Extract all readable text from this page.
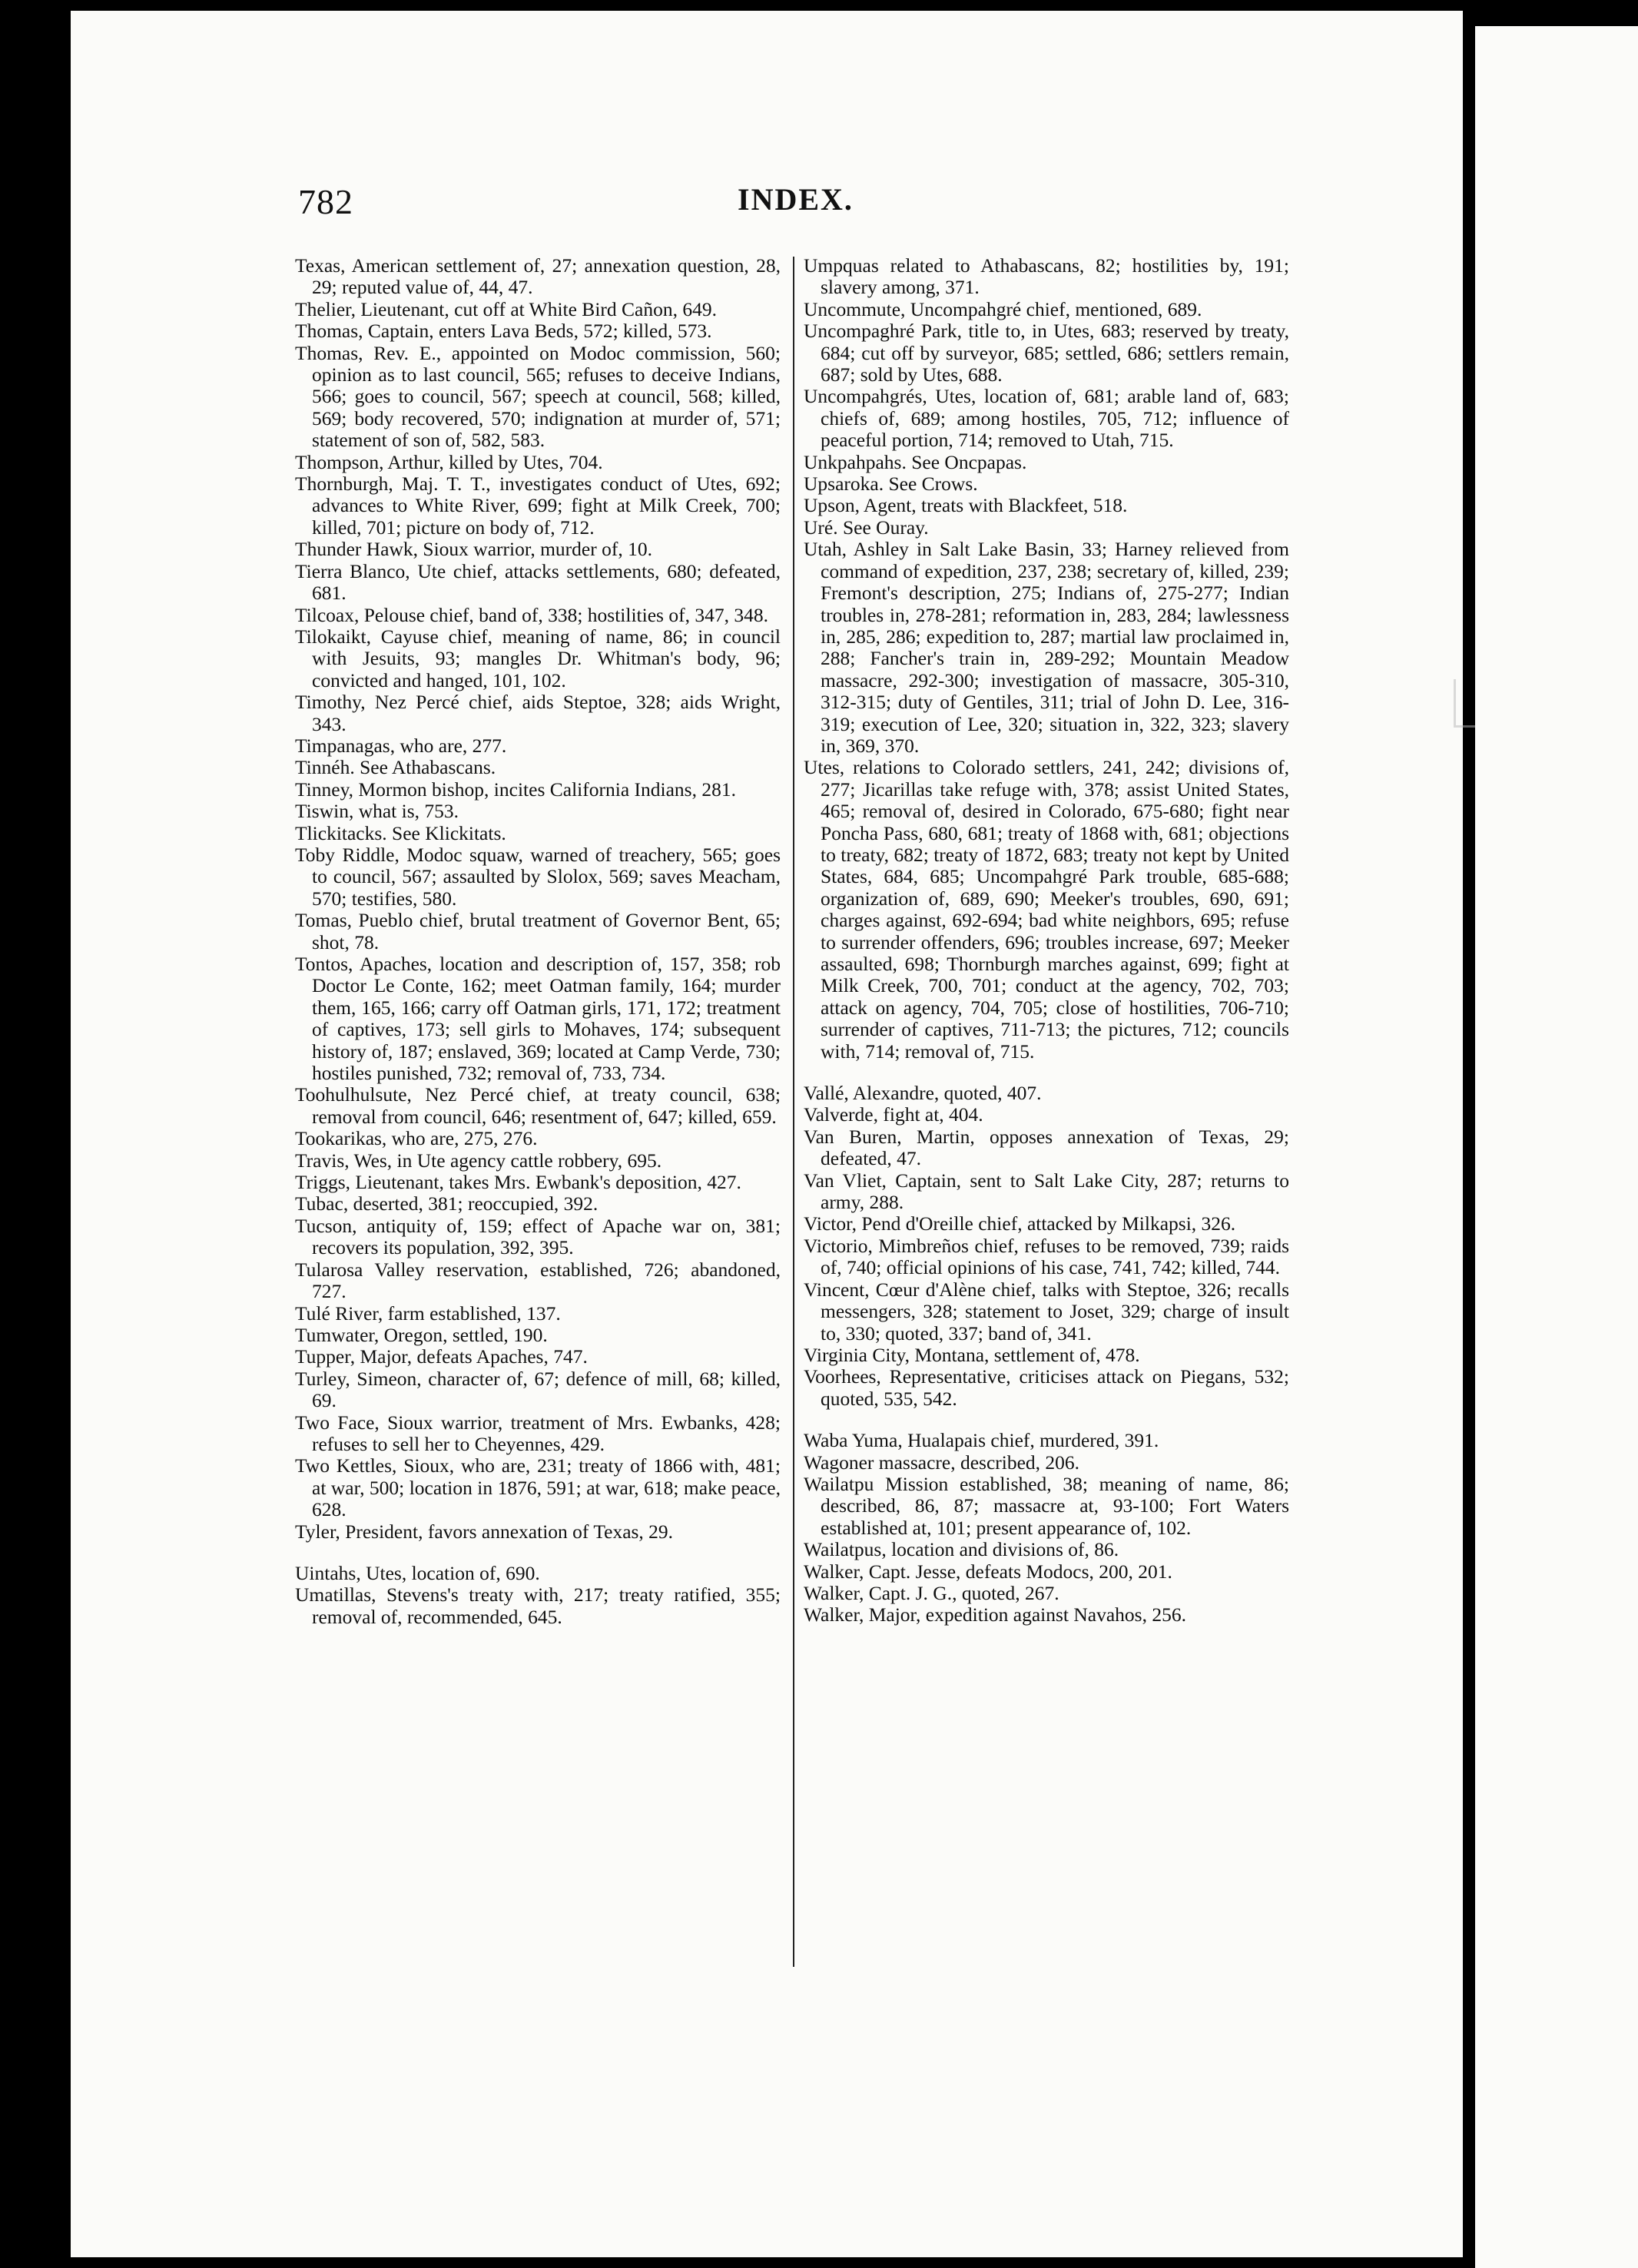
782	INDEX.

Texas, American settlement of, 27; annexation question, 28, 29; reputed value of, 44, 47.

Thelier, Lieutenant, cut off at White Bird Cañon, 649.

Thomas, Captain, enters Lava Beds, 572; killed, 573.

Thomas, Rev. E., appointed on Modoc commission, 560; opinion as to last council, 565; refuses to deceive Indians, 566; goes to council, 567; speech at council, 568; killed, 569; body recovered, 570; indignation at murder of, 571; statement of son of, 582, 583.

Thompson, Arthur, killed by Utes, 704.

Thornburgh, Maj. T. T., investigates conduct of Utes, 692; advances to White River, 699; fight at Milk Creek, 700; killed, 701; picture on body of, 712.

Thunder Hawk, Sioux warrior, murder of, 10.

Tierra Blanco, Ute chief, attacks settlements, 680; defeated, 681.

Tilcoax, Pelouse chief, band of, 338; hostilities of, 347, 348.

Tilokaikt, Cayuse chief, meaning of name, 86; in council with Jesuits, 93; mangles Dr. Whitman's body, 96; convicted and hanged, 101, 102.

Timothy, Nez Percé chief, aids Steptoe, 328; aids Wright, 343.

Timpanagas, who are, 277.

Tinnéh. See Athabascans.

Tinney, Mormon bishop, incites California Indians, 281.

Tiswin, what is, 753.

Tlickitacks. See Klickitats.

Toby Riddle, Modoc squaw, warned of treachery, 565; goes to council, 567; assaulted by Slolox, 569; saves Meacham, 570; testifies, 580.

Tomas, Pueblo chief, brutal treatment of Governor Bent, 65; shot, 78.

Tontos, Apaches, location and description of, 157, 358; rob Doctor Le Conte, 162; meet Oatman family, 164; murder them, 165, 166; carry off Oatman girls, 171, 172; treatment of captives, 173; sell girls to Mohaves, 174; subsequent history of, 187; enslaved, 369; located at Camp Verde, 730; hostiles punished, 732; removal of, 733, 734.

Toohulhulsute, Nez Percé chief, at treaty council, 638; removal from council, 646; resentment of, 647; killed, 659.

Tookarikas, who are, 275, 276.

Travis, Wes, in Ute agency cattle robbery, 695.

Triggs, Lieutenant, takes Mrs. Ewbank's deposition, 427.

Tubac, deserted, 381; reoccupied, 392.

Tucson, antiquity of, 159; effect of Apache war on, 381; recovers its population, 392, 395.

Tularosa Valley reservation, established, 726; abandoned, 727.

Tulé River, farm established, 137.

Tumwater, Oregon, settled, 190.

Tupper, Major, defeats Apaches, 747.

Turley, Simeon, character of, 67; defence of mill, 68; killed, 69.

Two Face, Sioux warrior, treatment of Mrs. Ewbanks, 428; refuses to sell her to Cheyennes, 429.

Two Kettles, Sioux, who are, 231; treaty of 1866 with, 481; at war, 500; location in 1876, 591; at war, 618; make peace, 628.

Tyler, President, favors annexation of Texas, 29.

Uintahs, Utes, location of, 690.

Umatillas, Stevens's treaty with, 217; treaty ratified, 355; removal of, recommended, 645.

Umpquas related to Athabascans, 82; hostilities by, 191; slavery among, 371.

Uncommute, Uncompahgré chief, mentioned, 689.

Uncompaghré Park, title to, in Utes, 683; reserved by treaty, 684; cut off by surveyor, 685; settled, 686; settlers remain, 687; sold by Utes, 688.

Uncompahgrés, Utes, location of, 681; arable land of, 683; chiefs of, 689; among hostiles, 705, 712; influence of peaceful portion, 714; removed to Utah, 715.

Unkpahpahs. See Oncpapas.

Upsaroka. See Crows.

Upson, Agent, treats with Blackfeet, 518.

Uré. See Ouray.

Utah, Ashley in Salt Lake Basin, 33; Harney relieved from command of expedition, 237, 238; secretary of, killed, 239; Fremont's description, 275; Indians of, 275-277; Indian troubles in, 278-281; reformation in, 283, 284; lawlessness in, 285, 286; expedition to, 287; martial law proclaimed in, 288; Fancher's train in, 289-292; Mountain Meadow massacre, 292-300; investigation of massacre, 305-310, 312-315; duty of Gentiles, 311; trial of John D. Lee, 316-319; execution of Lee, 320; situation in, 322, 323; slavery in, 369, 370.

Utes, relations to Colorado settlers, 241, 242; divisions of, 277; Jicarillas take refuge with, 378; assist United States, 465; removal of, desired in Colorado, 675-680; fight near Poncha Pass, 680, 681; treaty of 1868 with, 681; objections to treaty, 682; treaty of 1872, 683; treaty not kept by United States, 684, 685; Uncompahgré Park trouble, 685-688; organization of, 689, 690; Meeker's troubles, 690, 691; charges against, 692-694; bad white neighbors, 695; refuse to surrender offenders, 696; troubles increase, 697; Meeker assaulted, 698; Thornburgh marches against, 699; fight at Milk Creek, 700, 701; conduct at the agency, 702, 703; attack on agency, 704, 705; close of hostilities, 706-710; surrender of captives, 711-713; the pictures, 712; councils with, 714; removal of, 715.

Vallé, Alexandre, quoted, 407.

Valverde, fight at, 404.

Van Buren, Martin, opposes annexation of Texas, 29; defeated, 47.

Van Vliet, Captain, sent to Salt Lake City, 287; returns to army, 288.

Victor, Pend d'Oreille chief, attacked by Milkapsi, 326.

Victorio, Mimbreños chief, refuses to be removed, 739; raids of, 740; official opinions of his case, 741, 742; killed, 744.

Vincent, Cœur d'Alène chief, talks with Steptoe, 326; recalls messengers, 328; statement to Joset, 329; charge of insult to, 330; quoted, 337; band of, 341.

Virginia City, Montana, settlement of, 478.

Voorhees, Representative, criticises attack on Piegans, 532; quoted, 535, 542.

Waba Yuma, Hualapais chief, murdered, 391.

Wagoner massacre, described, 206.

Wailatpu Mission established, 38; meaning of name, 86; described, 86, 87; massacre at, 93-100; Fort Waters established at, 101; present appearance of, 102.

Wailatpus, location and divisions of, 86.

Walker, Capt. Jesse, defeats Modocs, 200, 201.

Walker, Capt. J. G., quoted, 267.

Walker, Major, expedition against Navahos, 256.
